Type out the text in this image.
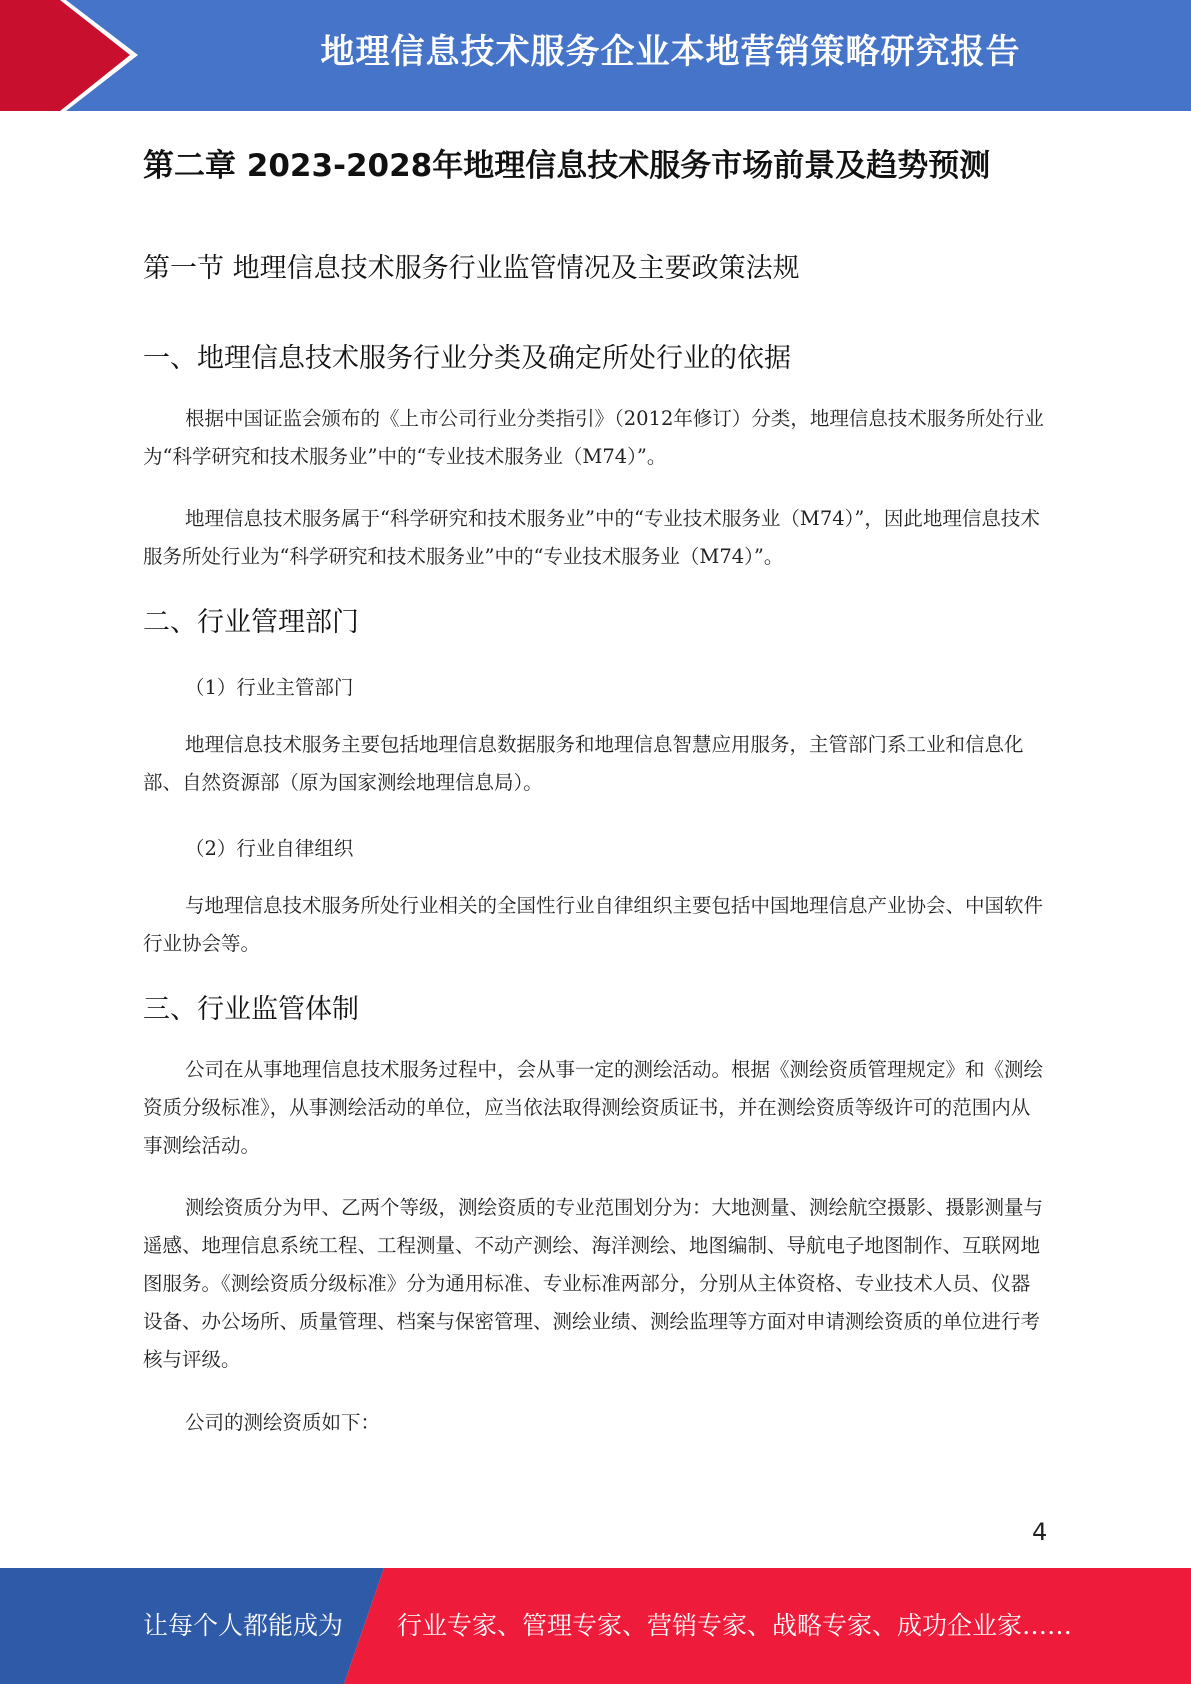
地理信息技术服务企业本地营销策略研究报告
第二章 2023-2028年地理信息技术服务市场前景及趋势预测
第一节 地理信息技术服务行业监管情况及主要政策法规
一、地理信息技术服务行业分类及确定所处行业的依据

根据中国证监会颁布的《上市公司行业分类指引》（2012年修订）分类，地理信息技术服务所处行业为“科学研究和技术服务业”中的“专业技术服务业（M74）”。

地理信息技术服务属于“科学研究和技术服务业”中的“专业技术服务业（M74）”，因此地理信息技术服务所处行业为“科学研究和技术服务业”中的“专业技术服务业（M74）”。

二、行业管理部门
（1）行业主管部门

地理信息技术服务主要包括地理信息数据服务和地理信息智慧应用服务，主管部门系工业和信息化部、自然资源部（原为国家测绘地理信息局）。

（2）行业自律组织

与地理信息技术服务所处行业相关的全国性行业自律组织主要包括中国地理信息产业协会、中国软件行业协会等。

三、行业监管体制

公司在从事地理信息技术服务过程中，会从事一定的测绘活动。根据《测绘资质管理规定》和《测绘资质分级标准》，从事测绘活动的单位，应当依法取得测绘资质证书，并在测绘资质等级许可的范围内从事测绘活动。

测绘资质分为甲、乙两个等级，测绘资质的专业范围划分为：大地测量、测绘航空摄影、摄影测量与遥感、地理信息系统工程、工程测量、不动产测绘、海洋测绘、地图编制、导航电子地图制作、互联网地图服务。《测绘资质分级标准》分为通用标准、专业标准两部分，分别从主体资格、专业技术人员、仪器设备、办公场所、质量管理、档案与保密管理、测绘业绩、测绘监理等方面对申请测绘资质的单位进行考核与评级。

公司的测绘资质如下：

4
让每个人都能成为 行业专家、管理专家、营销专家、战略专家、成功企业家……
